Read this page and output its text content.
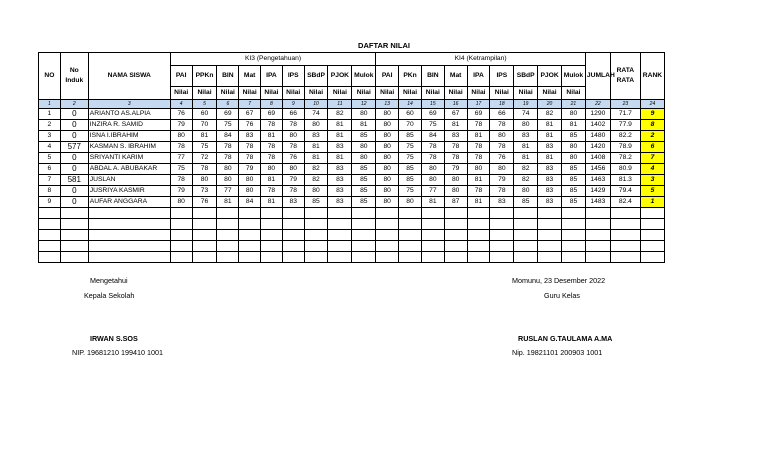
DAFTAR NILAI
NO	No Induk	NAMA SISWA	KI3 (Pengetahuan)									KI4 (Ketrampilan)									JUMLAH	RATA RATA	RANK
			PAI	PPKn	BIN	Mat	IPA	IPS	SBdP	PJOK	Mulok	PAI	PKn	BIN	Mat	IPA	IPS	SBdP	PJOK	Mulok			
			Nilai	Nilai	Nilai	Nilai	Nilai	Nilai	Nilai	Nilai	Nilai	Nilai	Nilai	Nilai	Nilai	Nilai	Nilai	Nilai	Nilai	Nilai			
1	2	3	4	5	6	7	8	9	10	11	12	13	14	15	16	17	18	19	20	21	22	23	24
1	0	ARIANTO AS.ALPIA	76	60	69	67	69	66	74	82	80	80	60	69	67	69	66	74	82	80	1290	71.7	9
2	0	INZIRA R. SAMID	79	70	75	76	78	78	80	81	81	80	70	75	81	78	78	80	81	81	1402	77.9	8
3	0	ISNA I.IBRAHIM	80	81	84	83	81	80	83	81	85	80	85	84	83	81	80	83	81	85	1480	82.2	2
4	577	KASMAN S. IBRAHIM	78	75	78	78	78	78	81	83	80	80	75	78	78	78	78	81	83	80	1420	78.9	6
5	0	SRIYANTI KARIM	77	72	78	78	78	76	81	81	80	80	75	78	78	78	76	81	81	80	1408	78.2	7
6	0	ABDAL A. ABUBAKAR	75	78	80	79	80	80	82	83	85	80	85	80	79	80	80	82	83	85	1456	80.9	4
7	581	JUSLAN	78	80	80	80	81	79	82	83	85	80	85	80	80	81	79	82	83	85	1463	81.3	3
8	0	JUSRIYA KASMIR	79	73	77	80	78	78	80	83	85	80	75	77	80	78	78	80	83	85	1429	79.4	5
9	0	AUFAR ANGGARA	80	76	81	84	81	83	85	83	85	80	80	81	87	81	83	85	83	85	1483	82.4	1

Mengetahui
Kepala Sekolah
IRWAN S.SOS
NIP. 19681210 199410 1001
Momunu, 23 Desember 2022
Guru Kelas
RUSLAN G.TAULAMA A.MA
Nip. 19821101 200903 1001
